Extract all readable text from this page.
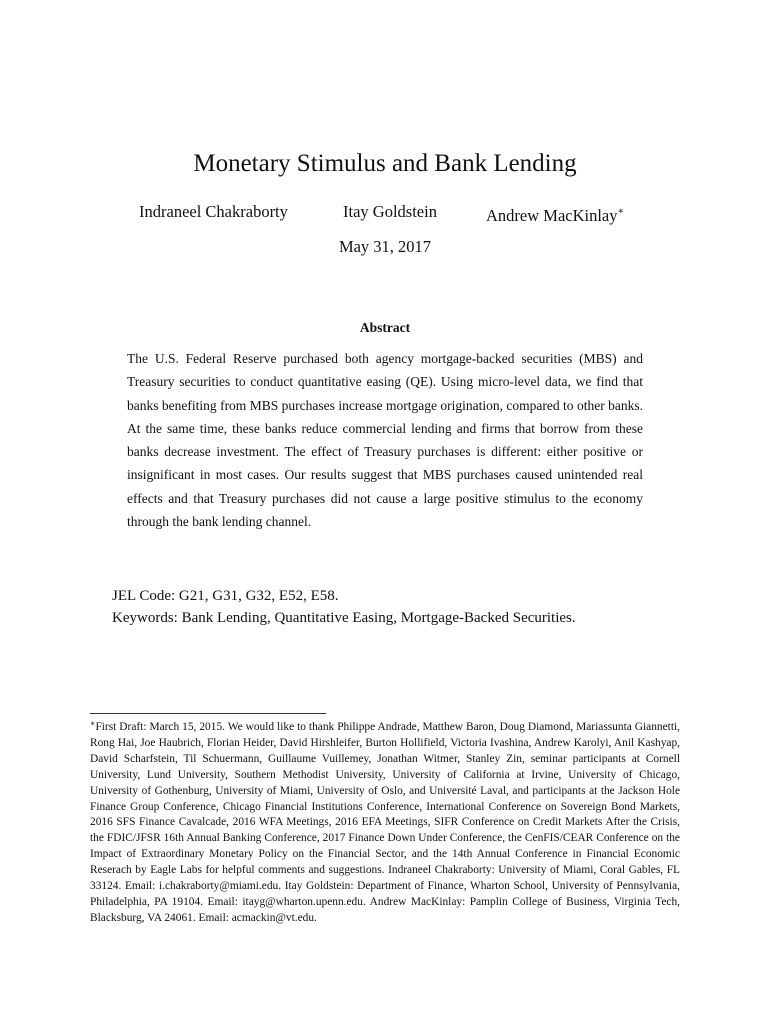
Monetary Stimulus and Bank Lending
Indraneel Chakraborty	Itay Goldstein	Andrew MacKinlay∗
May 31, 2017
Abstract
The U.S. Federal Reserve purchased both agency mortgage-backed securities (MBS) and Treasury securities to conduct quantitative easing (QE). Using micro-level data, we find that banks benefiting from MBS purchases increase mortgage origination, compared to other banks. At the same time, these banks reduce commercial lending and firms that borrow from these banks decrease investment. The effect of Treasury purchases is different: either positive or insignificant in most cases. Our results suggest that MBS purchases caused unintended real effects and that Treasury purchases did not cause a large positive stimulus to the economy through the bank lending channel.
JEL Code: G21, G31, G32, E52, E58.
Keywords: Bank Lending, Quantitative Easing, Mortgage-Backed Securities.
∗First Draft: March 15, 2015. We would like to thank Philippe Andrade, Matthew Baron, Doug Diamond, Mariassunta Giannetti, Rong Hai, Joe Haubrich, Florian Heider, David Hirshleifer, Burton Hollifield, Victoria Ivashina, Andrew Karolyi, Anil Kashyap, David Scharfstein, Til Schuermann, Guillaume Vuillemey, Jonathan Witmer, Stanley Zin, seminar participants at Cornell University, Lund University, Southern Methodist University, University of California at Irvine, University of Chicago, University of Gothenburg, University of Miami, University of Oslo, and Université Laval, and participants at the Jackson Hole Finance Group Conference, Chicago Financial Institutions Conference, International Conference on Sovereign Bond Markets, 2016 SFS Finance Cavalcade, 2016 WFA Meetings, 2016 EFA Meetings, SIFR Conference on Credit Markets After the Crisis, the FDIC/JFSR 16th Annual Banking Conference, 2017 Finance Down Under Conference, the CenFIS/CEAR Conference on the Impact of Extraordinary Monetary Policy on the Financial Sector, and the 14th Annual Conference in Financial Economic Reserach by Eagle Labs for helpful comments and suggestions. Indraneel Chakraborty: University of Miami, Coral Gables, FL 33124. Email: i.chakraborty@miami.edu. Itay Goldstein: Department of Finance, Wharton School, University of Pennsylvania, Philadelphia, PA 19104. Email: itayg@wharton.upenn.edu. Andrew MacKinlay: Pamplin College of Business, Virginia Tech, Blacksburg, VA 24061. Email: acmackin@vt.edu.
